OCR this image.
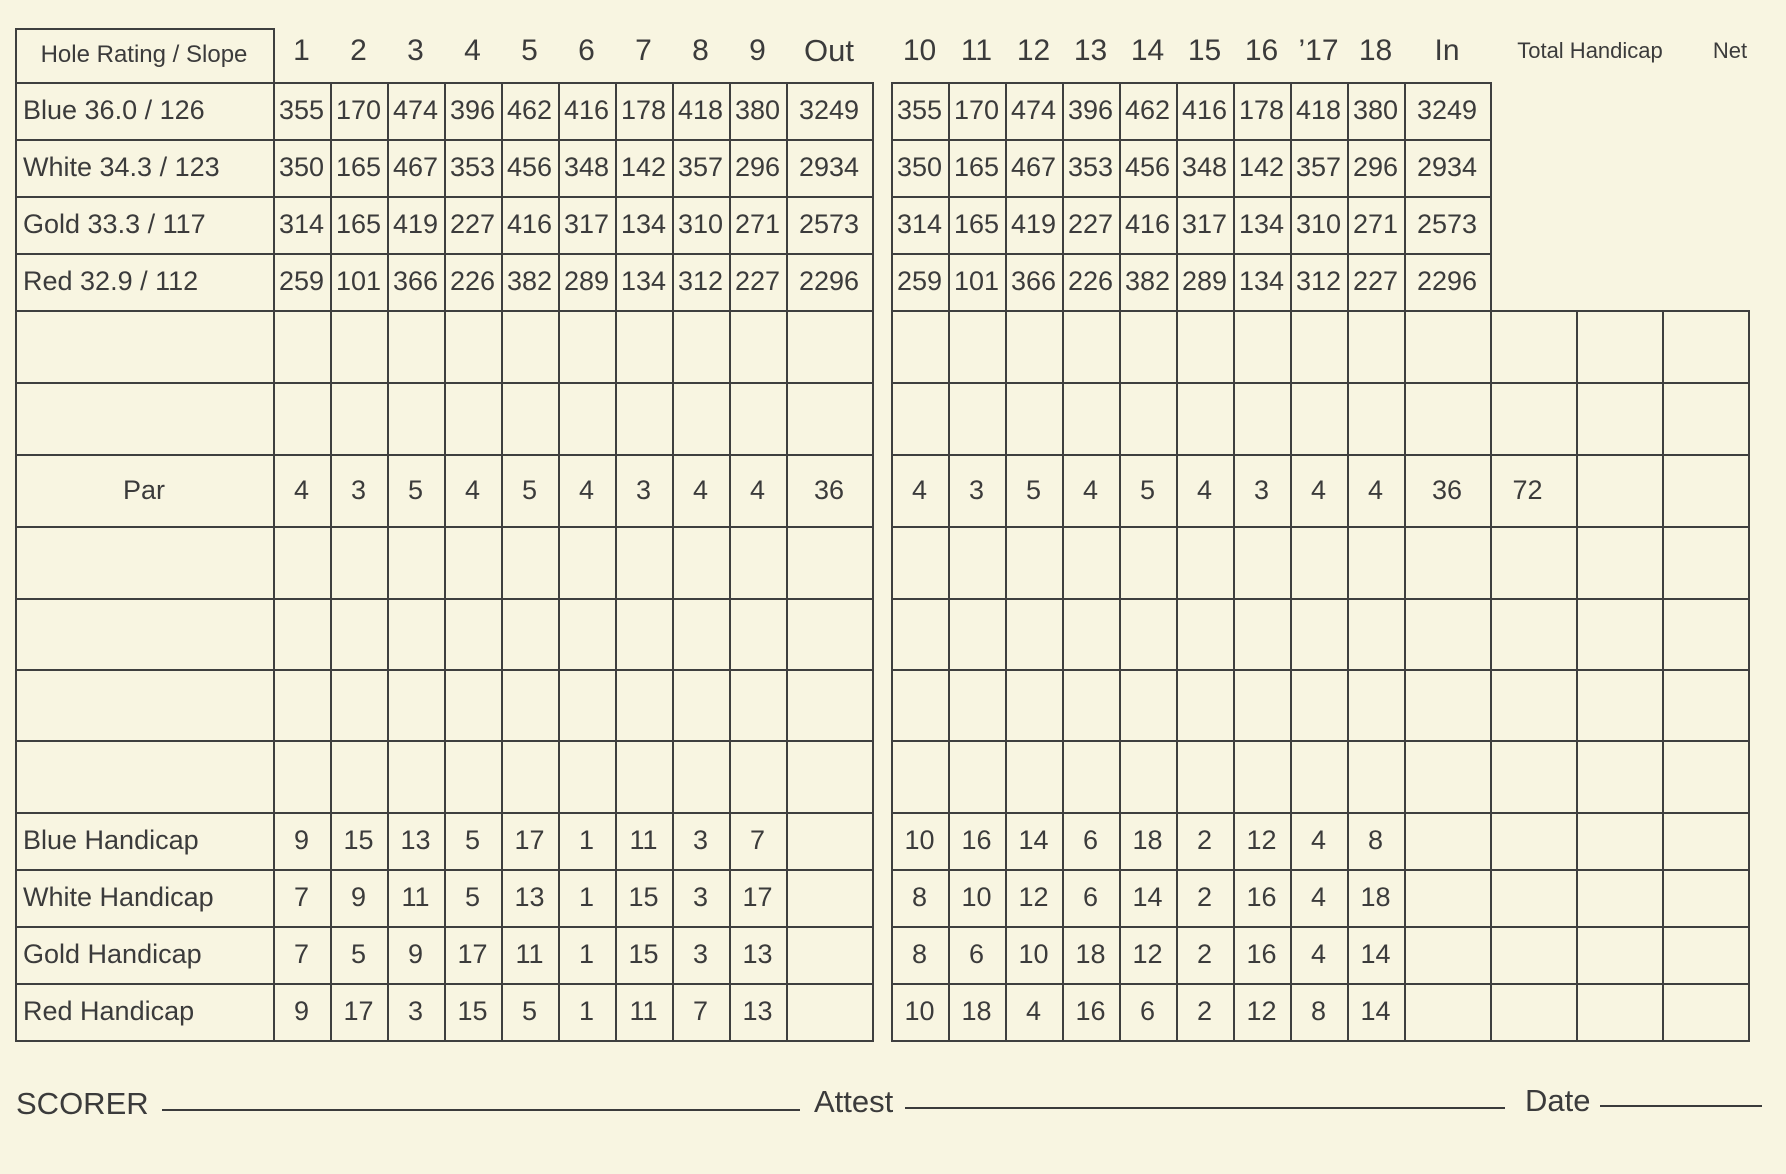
SCORER	Attest	Date
Hole Rating / Slope	1	2	3	4	5	6	7	8	9	Out	10 11 12 13 14 15 16 ’17 18	In	Total Handicap	Net
Blue 36.0 / 126	355 170 474 396 462 416 178 418 380 3249	355 170 474 396 462 416 178 418 380 3249
White 34.3 / 123	350 165 467 353 456 348 142 357 296 2934	350 165 467 353 456 348 142 357 296 2934
Gold 33.3 / 117	314 165 419 227 416 317 134 310 271 2573	314 165 419 227 416 317 134 310 271 2573
Red 32.9 / 112	259 101 366 226 382 289 134 312 227 2296	259 101 366 226 382 289 134 312 227 2296
Par	4	3	5	4	5	4	3	4	4	36	4	3	5	4	5	4	3	4	4	36	72
Blue Handicap	9	15 13	5	17	1	11	3	7	10 16 14	6	18	2	12	4	8
White Handicap	7	9	11	5	13	1	15	3	17	8	10 12	6	14	2	16	4	18
Gold Handicap	7	5	9	17	11	1	15	3	13	8	6	10 18 12	2	16	4	14
Red Handicap	9	17	3	15	5	1	11	7	13	10 18	4	16	6	2	12	8	14
